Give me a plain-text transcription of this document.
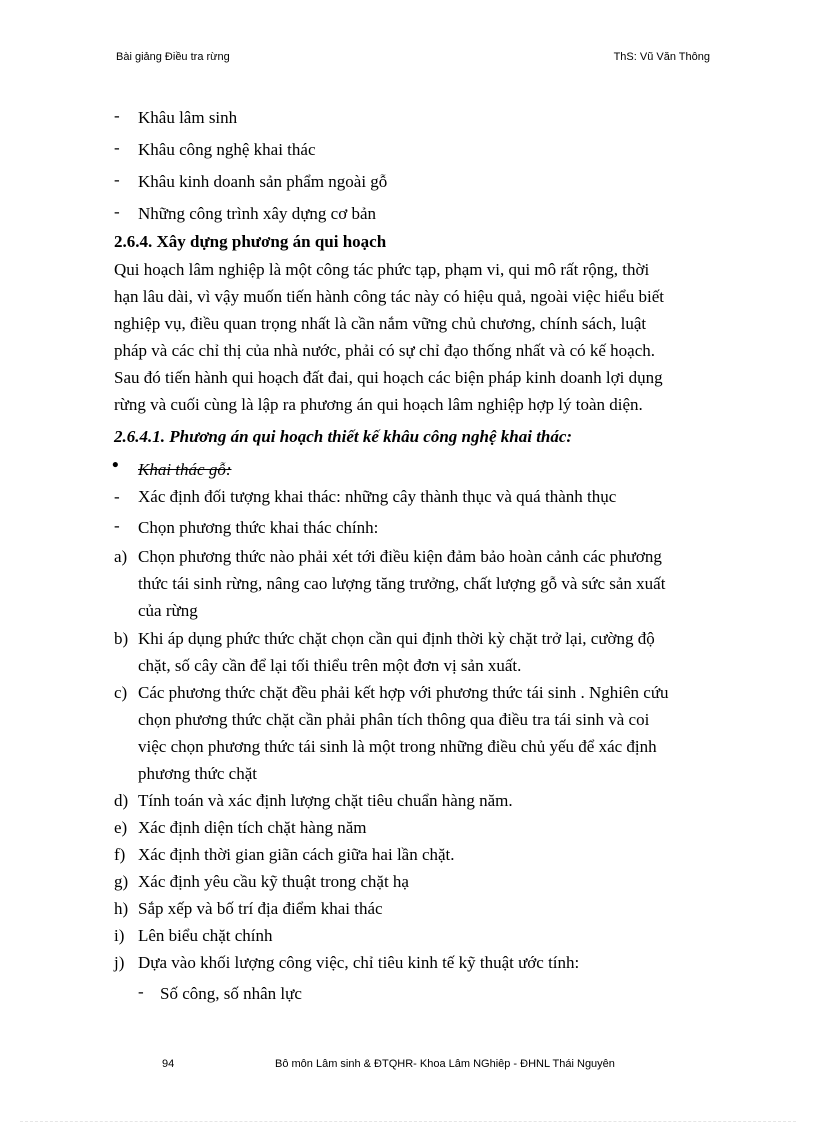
Bài giảng Điều tra rừng	ThS: Vũ Văn Thông
- Khâu lâm sinh
- Khâu công nghệ khai thác
- Khâu kinh doanh sản phẩm ngoài gỗ
- Những công trình xây dựng cơ bản
2.6.4. Xây dựng phương án qui hoạch
Qui hoạch lâm nghiệp là một công tác phức tạp, phạm vi, qui mô rất rộng, thời
hạn lâu dài, vì vậy muốn tiến hành công tác này có hiệu quả, ngoài việc hiểu biết
nghiệp vụ, điều quan trọng nhất là cần nắm vững chủ chương, chính sách, luật
pháp và các chỉ thị của nhà nước, phải có sự chỉ đạo thống nhất và có kế hoạch.
Sau đó tiến hành qui hoạch đất đai, qui hoạch các biện pháp kinh doanh lợi dụng
rừng và cuối cùng là lập ra phương án qui hoạch lâm nghiệp hợp lý toàn diện.
2.6.4.1. Phương án qui hoạch thiết kế khâu công nghệ khai thác:
• Khai thác gỗ:
- Xác định đối tượng khai thác: những cây thành thục và quá thành thục
- Chọn phương thức khai thác chính:
a) Chọn phương thức nào phải xét tới điều kiện đảm bảo hoàn cảnh các phương
thức tái sinh rừng, nâng cao lượng tăng trưởng, chất lượng gỗ và sức sản xuất
của rừng
b) Khi áp dụng phức thức chặt chọn cần qui định thời kỳ chặt trở lại, cường độ
chặt, số cây cần để lại tối thiểu trên một đơn vị sản xuất.
c) Các phương thức chặt đều phải kết hợp với phương thức tái sinh . Nghiên cứu
chọn phương thức chặt cần phải phân tích thông qua điều tra tái sinh và coi
việc chọn phương thức tái sinh là một trong những điều chủ yếu để xác định
phương thức chặt
d) Tính toán và xác định lượng chặt tiêu chuẩn hàng năm.
e) Xác định diện tích chặt hàng năm
f) Xác định thời gian giãn cách giữa hai lần chặt.
g) Xác định yêu cầu kỹ thuật trong chặt hạ
h) Sắp xếp và bố trí địa điểm khai thác
i) Lên biểu chặt chính
j) Dựa vào khối lượng công việc, chỉ tiêu kinh tế kỹ thuật ước tính:
- Số công, số nhân lực
94	Bô môn Lâm sinh & ĐTQHR- Khoa Lâm NGhiêp - ĐHNL Thái Nguyên
